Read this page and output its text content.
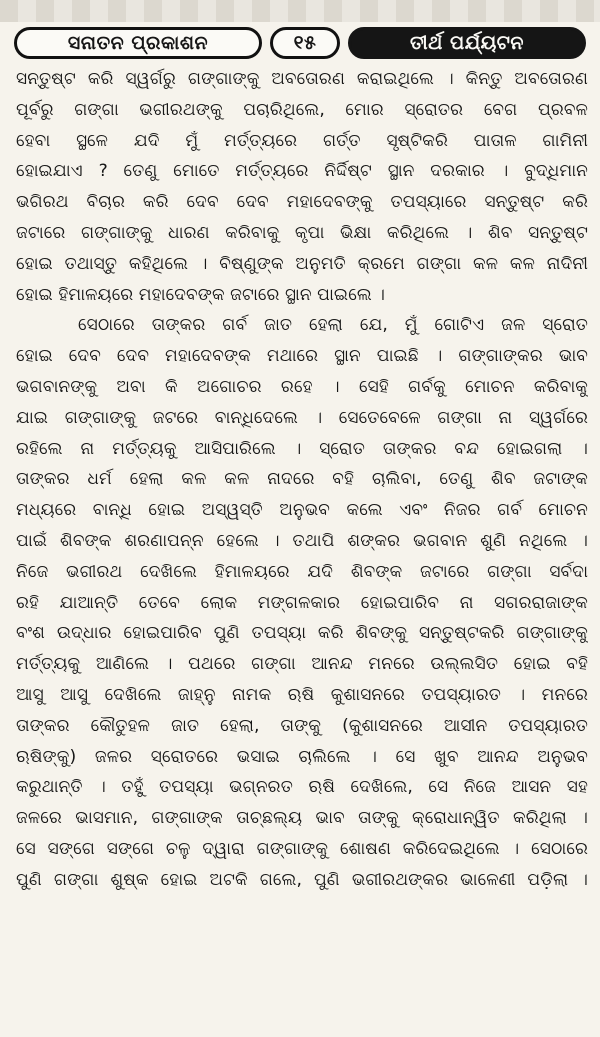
ସନାତନ ପ୍ରକାଶନ	୧୫	ତୀର୍ଥ ପର୍ଯ୍ୟଟନ
ସନ୍ତୁଷ୍ଟ କରି ସ୍ୱର୍ଗରୁ ଗଙ୍ଗାଙ୍କୁ ଅବତୋରଣ କରାଇଥିଲେ । କିନ୍ତୁ ଅବତୋରଣ
ପୂର୍ବରୁ ଗଙ୍ଗା ଭଗୀରଥଙ୍କୁ ପଚାରିଥିଲେ, ମୋର ସ୍ରୋତର ବେଗ ପ୍ରବଳ
ହେବା ସ୍ଥଳେ ଯଦି ମୁଁ ମର୍ତ୍ତ୍ୟରେ ଗର୍ତ୍ତ ସୃଷ୍ଟିକରି ପାତାଳ ଗାମିନୀ
ହୋଇଯାଏ ? ତେଣୁ ମୋତେ ମର୍ତ୍ତ୍ୟରେ ନିର୍ଦ୍ଦିଷ୍ଟ ସ୍ଥାନ ଦରକାର । ବୁଦ୍ଧିମାନ
ଭଗିରଥ ବିଚାର କରି ଦେବ ଦେବ ମହାଦେବଙ୍କୁ ତପସ୍ୟାରେ ସନ୍ତୁଷ୍ଟ କରି
ଜଟାରେ ଗଙ୍ଗାଙ୍କୁ ଧାରଣ କରିବାକୁ କୃପା ଭିକ୍ଷା କରିଥିଲେ । ଶିବ ସନ୍ତୁଷ୍ଟ
ହୋଇ ତଥାସ୍ତୁ କହିଥିଲେ । ବିଷ୍ଣୁଙ୍କ ଅନୁମତି କ୍ରମେ ଗଙ୍ଗା କଳ କଳ ନାଦିନୀ
ହୋଇ ହିମାଳୟରେ ମହାଦେବଙ୍କ ଜଟାରେ ସ୍ଥାନ ପାଇଲେ ।
ସେଠାରେ ତାଙ୍କର ଗର୍ବ ଜାତ ହେଲା ଯେ, ମୁଁ ଗୋଟିଏ ଜଳ ସ୍ରୋତ
ହୋଇ ଦେବ ଦେବ ମହାଦେବଙ୍କ ମଥାରେ ସ୍ଥାନ ପାଇଛି । ଗଙ୍ଗାଙ୍କର ଭାବ
ଭଗବାନଙ୍କୁ ଅବା କି ଅଗୋଚର ରହେ । ସେହି ଗର୍ବକୁ ମୋଚନ କରିବାକୁ
ଯାଇ ଗଙ୍ଗାଙ୍କୁ ଜଟରେ ବାନ୍ଧିଦେଲେ । ସେତେବେଳେ ଗଙ୍ଗା ନା ସ୍ୱର୍ଗରେ
ରହିଲେ ନା ମର୍ତ୍ତ୍ୟକୁ ଆସିପାରିଲେ । ସ୍ରୋତ ତାଙ୍କର ବନ୍ଦ ହୋଇଗଲା ।
ତାଙ୍କର ଧର୍ମ ହେଲା କଳ କଳ ନାଦରେ ବହି ଚାଲିବା, ତେଣୁ ଶିବ ଜଟାଙ୍କ
ମଧ୍ୟରେ ବାନ୍ଧି ହୋଇ ଅସ୍ୱସ୍ତି ଅନୁଭବ କଲେ ଏବଂ ନିଜର ଗର୍ବ ମୋଚନ
ପାଇଁ ଶିବଙ୍କ ଶରଣାପନ୍ନ ହେଲେ । ତଥାପି ଶଙ୍କର ଭଗବାନ ଶୁଣି ନଥିଲେ ।
ନିଜେ ଭଗୀରଥ ଦେଖିଲେ ହିମାଳୟରେ ଯଦି ଶିବଙ୍କ ଜଟାରେ ଗଙ୍ଗା ସର୍ବଦା
ରହି ଯାଆନ୍ତି ତେବେ ଲୋକ ମଙ୍ଗଳକାର ହୋଇପାରିବ ନା ସଗରରାଜାଙ୍କ
ବଂଶ ଉଦ୍ଧାର ହୋଇପାରିବ ପୁଣି ତପସ୍ୟା କରି ଶିବଙ୍କୁ ସନ୍ତୁଷ୍ଟକରି ଗଙ୍ଗାଙ୍କୁ
ମର୍ତ୍ତ୍ୟକୁ ଆଣିଲେ । ପଥରେ ଗଙ୍ଗା ଆନନ୍ଦ ମନରେ ଉଲ୍ଲସିତ ହୋଇ ବହି
ଆସୁ ଆସୁ ଦେଖିଲେ ଜାହ୍ନୁ ନାମକ ଋଷି କୁଶାସନରେ ତପସ୍ୟାରତ । ମନରେ
ତାଙ୍କର କୌତୁହଳ ଜାତ ହେଲା, ତାଙ୍କୁ (କୁଶାସନରେ ଆସୀନ ତପସ୍ୟାରତ
ଋଷିଙ୍କୁ) ଜଳର ସ୍ରୋତରେ ଭସାଇ ଚାଲିଲେ । ସେ ଖୁବ ଆନନ୍ଦ ଅନୁଭବ
କରୁଥାନ୍ତି । ତହୁଁ ତପସ୍ୟା ଭଗ୍ନରତ ଋଷି ଦେଖିଲେ, ସେ ନିଜେ ଆସନ ସହ
ଜଳରେ ଭାସମାନ, ଗଙ୍ଗାଙ୍କ ତାଚ୍ଛଲ୍ୟ ଭାବ ତାଙ୍କୁ କ୍ରୋଧାନ୍ୱିତ କରିଥିଲା ।
ସେ ସଙ୍ଗେ ସଙ୍ଗେ ଚଳୁ ଦ୍ୱାରା ଗଙ୍ଗାଙ୍କୁ ଶୋଷଣ କରିଦେଇଥିଲେ । ସେଠାରେ
ପୁଣି ଗଙ୍ଗା ଶୁଷ୍କ ହୋଇ ଅଟକି ଗଲେ, ପୁଣି ଭଗୀରଥଙ୍କର ଭାଳେଣୀ ପଡ଼ିଲା ।
